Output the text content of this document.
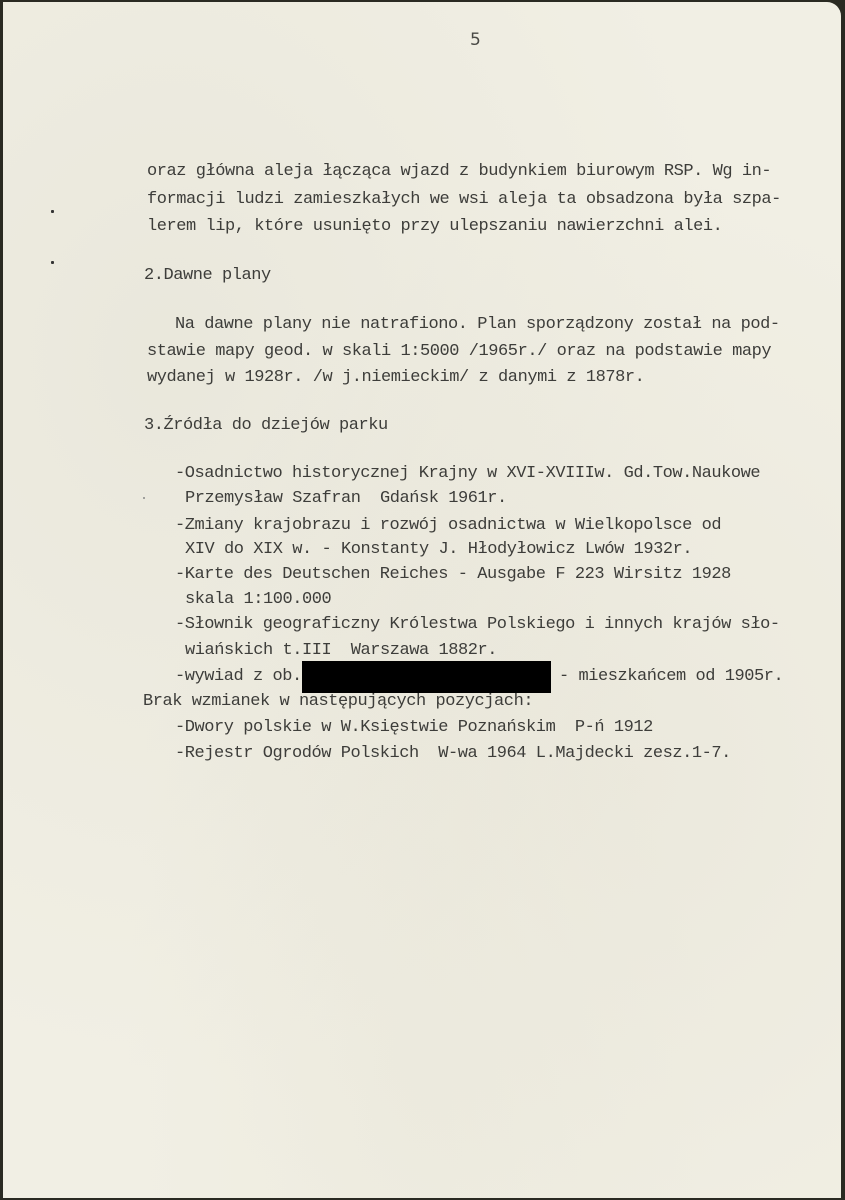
5
oraz główna aleja łącząca wjazd z budynkiem biurowym RSP. Wg in-
formacji ludzi zamieszkałych we wsi aleja ta obsadzona była szpa-
lerem lip, które usunięto przy ulepszaniu nawierzchni alei.
2.Dawne plany
Na dawne plany nie natrafiono. Plan sporządzony został na pod-
stawie mapy geod. w skali 1:5000 /1965r./ oraz na podstawie mapy
wydanej w 1928r. /w j.niemieckim/ z danymi z 1878r.
3.Źródła do dziejów parku
-Osadnictwo historycznej Krajny w XVI-XVIIIw. Gd.Tow.Naukowe
Przemysław Szafran  Gdańsk 1961r.
-Zmiany krajobrazu i rozwój osadnictwa w Wielkopolsce od
XIV do XIX w. - Konstanty J. Hłodyłowicz Lwów 1932r.
-Karte des Deutschen Reiches - Ausgabe F 223 Wirsitz 1928
skala 1:100.000
-Słownik geograficzny Królestwa Polskiego i innych krajów sło-
wiańskich t.III  Warszawa 1882r.
-wywiad z ob.	- mieszkańcem od 1905r.
Brak wzmianek w następujących pozycjach:
-Dwory polskie w W.Księstwie Poznańskim  P-ń 1912
-Rejestr Ogrodów Polskich  W-wa 1964 L.Majdecki zesz.1-7.
